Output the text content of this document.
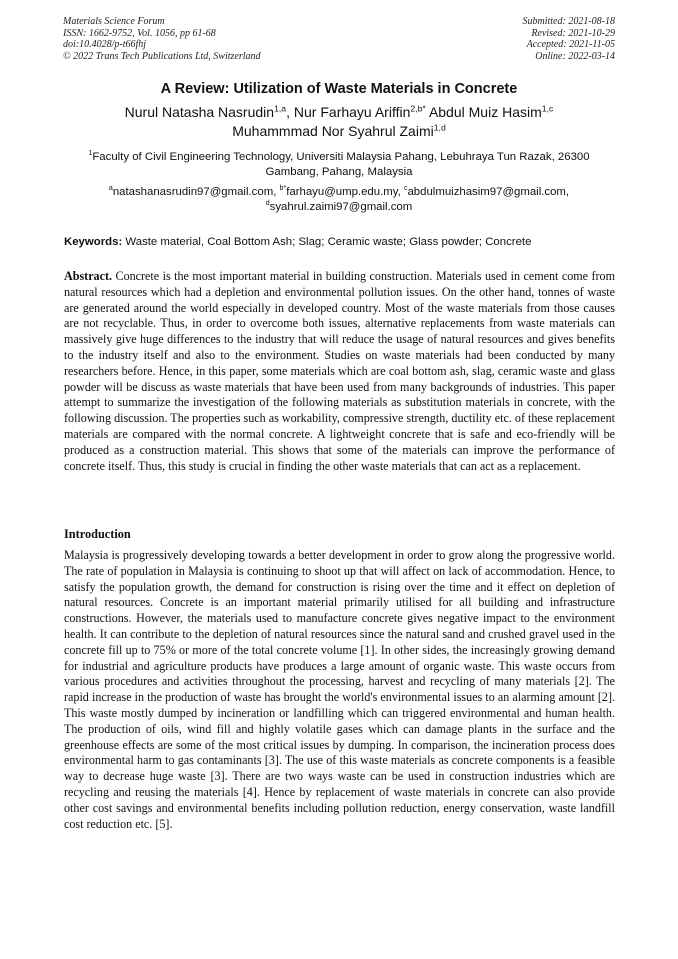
Materials Science Forum
ISSN: 1662-9752, Vol. 1056, pp 61-68
doi:10.4028/p-t66fhj
© 2022 Trans Tech Publications Ltd, Switzerland
Submitted: 2021-08-18
Revised: 2021-10-29
Accepted: 2021-11-05
Online: 2022-03-14
A Review: Utilization of Waste Materials in Concrete
Nurul Natasha Nasrudin$^{1,a}$, Nur Farhayu Ariffin$^{2,b*}$ Abdul Muiz Hasim$^{1,c}$
Muhammmad Nor Syahrul Zaimi$^{1,d}$
$^1$Faculty of Civil Engineering Technology, Universiti Malaysia Pahang, Lebuhraya Tun Razak, 26300 Gambang, Pahang, Malaysia
$^a$natashanasrudin97@gmail.com, $^{b*}$farhayu@ump.edu.my, $^c$abdulmuizhasim97@gmail.com,
$^d$syahrul.zaimi97@gmail.com
Keywords: Waste material, Coal Bottom Ash; Slag; Ceramic waste; Glass powder; Concrete

Abstract. Concrete is the most important material in building construction. Materials used in cement come from natural resources which had a depletion and environmental pollution issues. On the other hand, tonnes of waste are generated around the world especially in developed country. Most of the waste materials from those causes are not recyclable. Thus, in order to overcome both issues, alternative replacements from waste materials can massively give huge differences to the industry that will reduce the usage of natural resources and gives benefits to the industry itself and also to the environment. Studies on waste materials had been conducted by many researchers before. Hence, in this paper, some materials which are coal bottom ash, slag, ceramic waste and glass powder will be discuss as waste materials that have been used from many backgrounds of industries. This paper attempt to summarize the investigation of the following materials as substitution materials in concrete, with the following discussion. The properties such as workability, compressive strength, ductility etc. of these replacement materials are compared with the normal concrete. A lightweight concrete that is safe and eco-friendly will be produced as a construction material. This shows that some of the materials can improve the performance of concrete itself. Thus, this study is crucial in finding the other waste materials that can act as a replacement.

Introduction

Malaysia is progressively developing towards a better development in order to grow along the progressive world. The rate of population in Malaysia is continuing to shoot up that will affect on lack of accommodation. Hence, to satisfy the population growth, the demand for construction is rising over the time and it effect on depletion of natural resources. Concrete is an important material primarily utilised for all building and infrastructure constructions. However, the materials used to manufacture concrete gives negative impact to the environment health. It can contribute to the depletion of natural resources since the natural sand and crushed gravel used in the concrete fill up to 75% or more of the total concrete volume [1]. In other sides, the increasingly growing demand for industrial and agriculture products have produces a large amount of organic waste. This waste occurs from various procedures and activities throughout the processing, harvest and recycling of many materials [2]. The rapid increase in the production of waste has brought the world's environmental issues to an alarming amount [2]. This waste mostly dumped by incineration or landfilling which can triggered environmental and human health. The production of oils, wind fill and highly volatile gases which can damage plants in the surface and the greenhouse effects are some of the most critical issues by dumping. In comparison, the incineration process does environmental harm to gas contaminants [3]. The use of this waste materials as concrete components is a feasible way to decrease huge waste [3]. There are two ways waste can be used in construction industries which are recycling and reusing the materials [4]. Hence by replacement of waste materials in concrete can also provide other cost savings and environmental benefits including pollution reduction, energy conservation, waste landfill cost reduction etc. [5].
